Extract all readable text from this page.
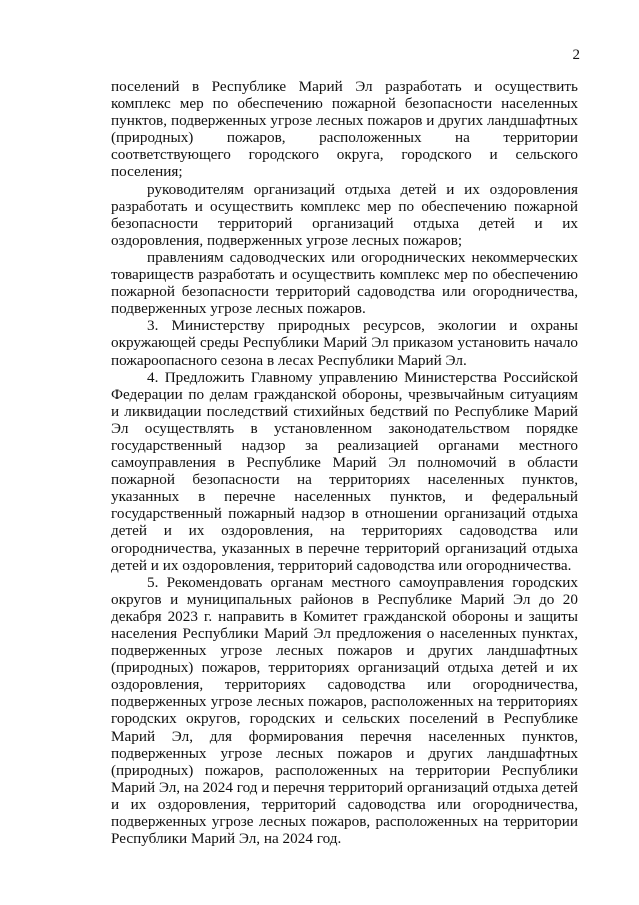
2

поселений в Республике Марий Эл разработать и осуществить комплекс мер по обеспечению пожарной безопасности населенных пунктов, подверженных угрозе лесных пожаров и других ландшафтных (природных) пожаров, расположенных на территории соответствующего городского округа, городского и сельского поселения;

руководителям организаций отдыха детей и их оздоровления разработать и осуществить комплекс мер по обеспечению пожарной безопасности территорий организаций отдыха детей и их оздоровления, подверженных угрозе лесных пожаров;

правлениям садоводческих или огороднических некоммерческих товариществ разработать и осуществить комплекс мер по обеспечению пожарной безопасности территорий садоводства или огородничества, подверженных угрозе лесных пожаров.

3. Министерству природных ресурсов, экологии и охраны окружающей среды Республики Марий Эл приказом установить начало пожароопасного сезона в лесах Республики Марий Эл.

4. Предложить Главному управлению Министерства Российской Федерации по делам гражданской обороны, чрезвычайным ситуациям и ликвидации последствий стихийных бедствий по Республике Марий Эл осуществлять в установленном законодательством порядке государственный надзор за реализацией органами местного самоуправления в Республике Марий Эл полномочий в области пожарной безопасности на территориях населенных пунктов, указанных в перечне населенных пунктов, и федеральный государственный пожарный надзор в отношении организаций отдыха детей и их оздоровления, на территориях садоводства или огородничества, указанных в перечне территорий организаций отдыха детей и их оздоровления, территорий садоводства или огородничества.

5. Рекомендовать органам местного самоуправления городских округов и муниципальных районов в Республике Марий Эл до 20 декабря 2023 г. направить в Комитет гражданской обороны и защиты населения Республики Марий Эл предложения о населенных пунктах, подверженных угрозе лесных пожаров и других ландшафтных (природных) пожаров, территориях организаций отдыха детей и их оздоровления, территориях садоводства или огородничества, подверженных угрозе лесных пожаров, расположенных на территориях городских округов, городских и сельских поселений в Республике Марий Эл, для формирования перечня населенных пунктов, подверженных угрозе лесных пожаров и других ландшафтных (природных) пожаров, расположенных на территории Республики Марий Эл, на 2024 год и перечня территорий организаций отдыха детей и их оздоровления, территорий садоводства или огородничества, подверженных угрозе лесных пожаров, расположенных на территории Республики Марий Эл, на 2024 год.
